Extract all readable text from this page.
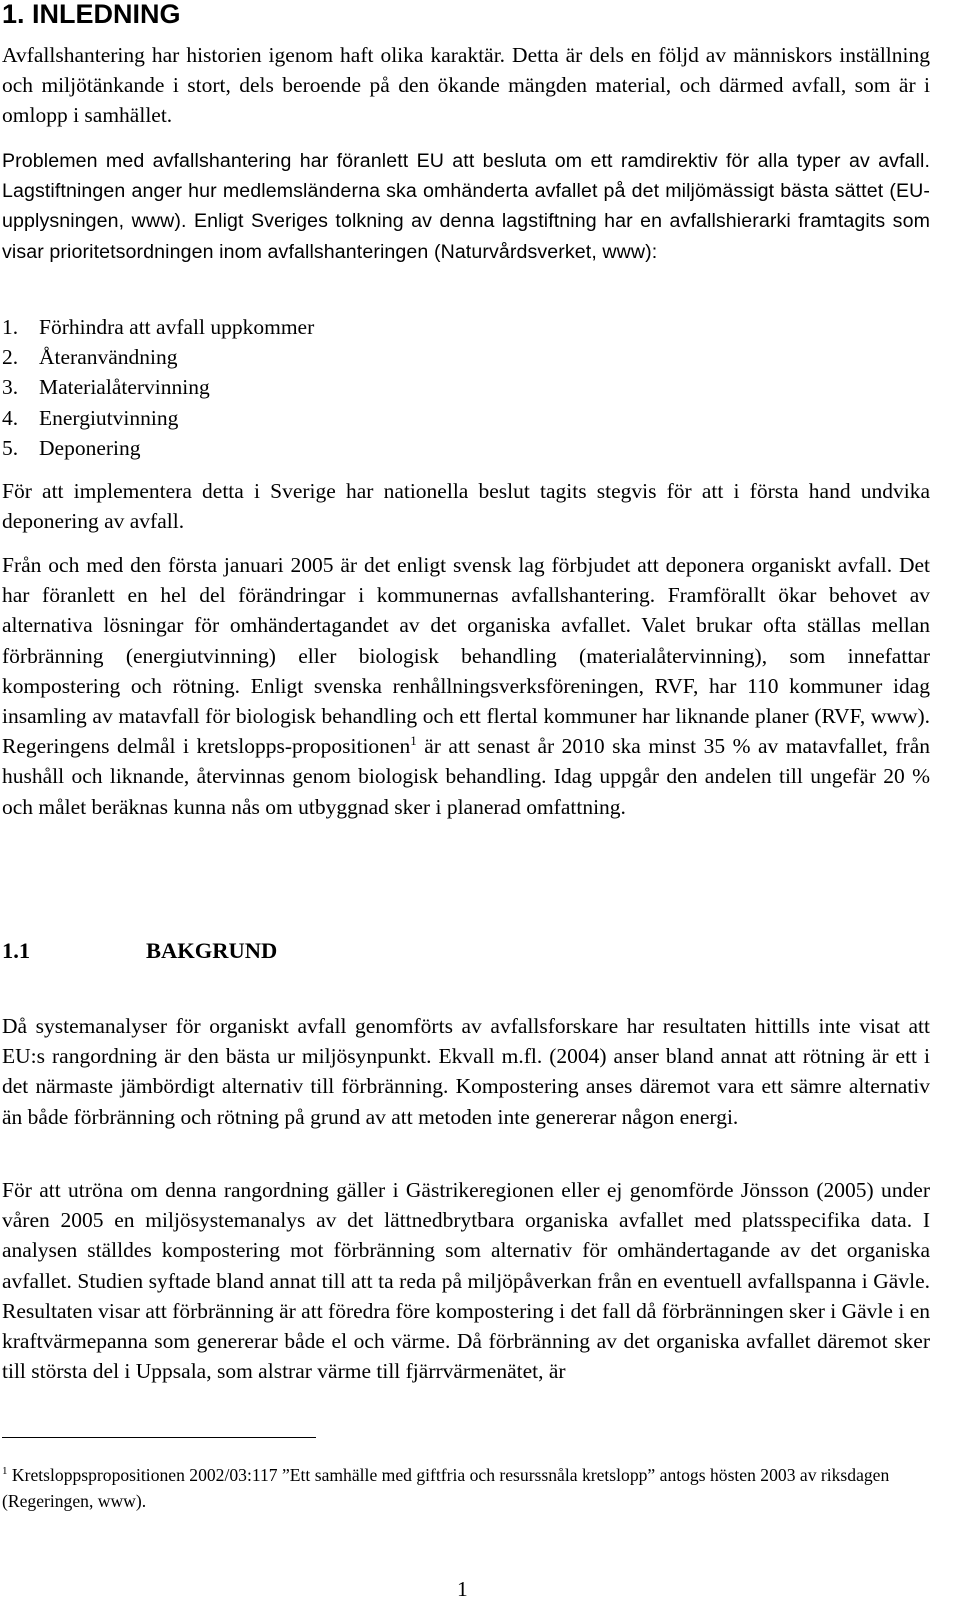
1. INLEDNING

Avfallshantering har historien igenom haft olika karaktär. Detta är dels en följd av människors inställning och miljötänkande i stort, dels beroende på den ökande mängden material, och därmed avfall, som är i omlopp i samhället.

Problemen med avfallshantering har föranlett EU att besluta om ett ramdirektiv för alla typer av avfall. Lagstiftningen anger hur medlemsländerna ska omhänderta avfallet på det miljömässigt bästa sättet (EU-upplysningen, www). Enligt Sveriges tolkning av denna lagstiftning har en avfallshierarki framtagits som visar prioritetsordningen inom avfallshanteringen (Naturvårdsverket, www):

1. Förhindra att avfall uppkommer
2. Återanvändning
3. Materialåtervinning
4. Energiutvinning
5. Deponering

För att implementera detta i Sverige har nationella beslut tagits stegvis för att i första hand undvika deponering av avfall.

Från och med den första januari 2005 är det enligt svensk lag förbjudet att deponera organiskt avfall. Det har föranlett en hel del förändringar i kommunernas avfallshantering. Framförallt ökar behovet av alternativa lösningar för omhändertagandet av det organiska avfallet. Valet brukar ofta ställas mellan förbränning (energiutvinning) eller biologisk behandling (materialåtervinning), som innefattar kompostering och rötning. Enligt svenska renhållningsverksföreningen, RVF, har 110 kommuner idag insamling av matavfall för biologisk behandling och ett flertal kommuner har liknande planer (RVF, www). Regeringens delmål i kretslopps-propositionen$^1$ är att senast år 2010 ska minst 35 % av matavfallet, från hushåll och liknande, återvinnas genom biologisk behandling. Idag uppgår den andelen till ungefär 20 % och målet beräknas kunna nås om utbyggnad sker i planerad omfattning.

1.1	BAKGRUND

Då systemanalyser för organiskt avfall genomförts av avfallsforskare har resultaten hittills inte visat att EU:s rangordning är den bästa ur miljösynpunkt. Ekvall m.fl. (2004) anser bland annat att rötning är ett i det närmaste jämbördigt alternativ till förbränning. Kompostering anses däremot vara ett sämre alternativ än både förbränning och rötning på grund av att metoden inte genererar någon energi.

För att utröna om denna rangordning gäller i Gästrikeregionen eller ej genomförde Jönsson (2005) under våren 2005 en miljösystemanalys av det lättnedbrytbara organiska avfallet med platsspecifika data. I analysen ställdes kompostering mot förbränning som alternativ för omhändertagande av det organiska avfallet. Studien syftade bland annat till att ta reda på miljöpåverkan från en eventuell avfallspanna i Gävle. Resultaten visar att förbränning är att föredra före kompostering i det fall då förbränningen sker i Gävle i en kraftvärmepanna som genererar både el och värme. Då förbränning av det organiska avfallet däremot sker till största del i Uppsala, som alstrar värme till fjärrvärmenätet, är

$^1$ Kretsloppspropositionen 2002/03:117 ”Ett samhälle med giftfria och resurssnåla kretslopp” antogs hösten 2003 av riksdagen (Regeringen, www).

1
